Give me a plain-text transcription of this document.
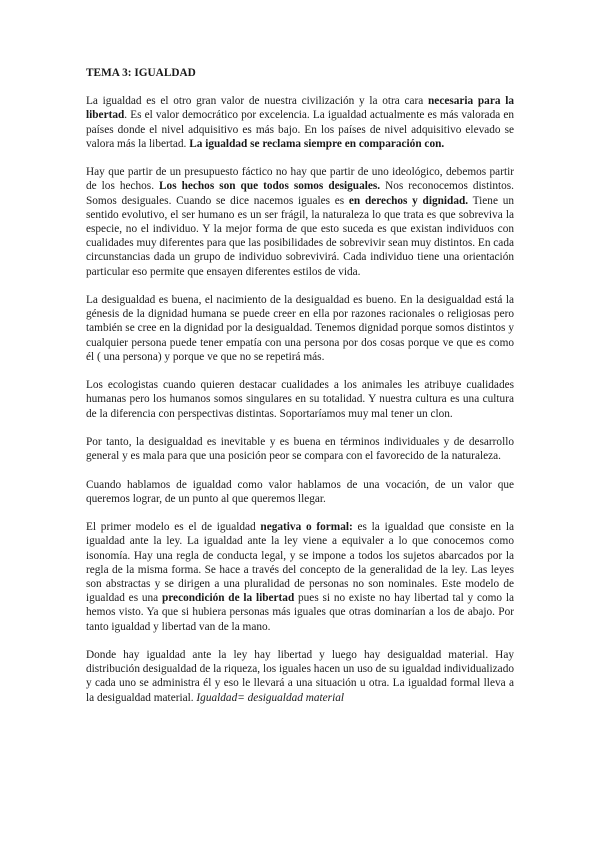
TEMA 3: IGUALDAD

La igualdad es el otro gran valor de nuestra civilización y la otra cara necesaria para la libertad. Es el valor democrático por excelencia. La igualdad actualmente es más valorada en países donde el nivel adquisitivo es más bajo. En los países de nivel adquisitivo elevado se valora más la libertad. La igualdad se reclama siempre en comparación con.

Hay que partir de un presupuesto fáctico no hay que partir de uno ideológico, debemos partir de los hechos. Los hechos son que todos somos desiguales. Nos reconocemos distintos. Somos desiguales. Cuando se dice nacemos iguales es en derechos y dignidad. Tiene un sentido evolutivo, el ser humano es un ser frágil, la naturaleza lo que trata es que sobreviva la especie, no el individuo. Y la mejor forma de que esto suceda es que existan individuos con cualidades muy diferentes para que las posibilidades de sobrevivir sean muy distintos. En cada circunstancias dada un grupo de individuo sobrevivirá. Cada individuo tiene una orientación particular eso permite que ensayen diferentes estilos de vida.

La desigualdad es buena, el nacimiento de la desigualdad es bueno. En la desigualdad está la génesis de la dignidad humana se puede creer en ella por razones racionales o religiosas pero también se cree en la dignidad por la desigualdad. Tenemos dignidad porque somos distintos y cualquier persona puede tener empatía con una persona por dos cosas porque ve que es como él ( una persona) y porque ve que no se repetirá más.

Los ecologistas cuando quieren destacar cualidades a los animales les atribuye cualidades humanas pero los humanos somos singulares en su totalidad. Y nuestra cultura es una cultura de la diferencia con perspectivas distintas. Soportaríamos muy mal tener un clon.

Por tanto, la desigualdad es inevitable y es buena en términos individuales y de desarrollo general y es mala para que una posición peor se compara con el favorecido de la naturaleza.

Cuando hablamos de igualdad como valor hablamos de una vocación, de un valor que queremos lograr, de un punto al que queremos llegar.

El primer modelo es el de igualdad negativa o formal: es la igualdad que consiste en la igualdad ante la ley. La igualdad ante la ley viene a equivaler a lo que conocemos como isonomía. Hay una regla de conducta legal, y se impone a todos los sujetos abarcados por la regla de la misma forma. Se hace a través del concepto de la generalidad de la ley. Las leyes son abstractas y se dirigen a una pluralidad de personas no son nominales. Este modelo de igualdad es una precondición de la libertad pues si no existe no hay libertad tal y como la hemos visto. Ya que si hubiera personas más iguales que otras dominarían a los de abajo. Por tanto igualdad y libertad van de la mano.

Donde hay igualdad ante la ley hay libertad y luego hay desigualdad material. Hay distribución desigualdad de la riqueza, los iguales hacen un uso de su igualdad individualizado y cada uno se administra él y eso le llevará a una situación u otra. La igualdad formal lleva a la desigualdad material. Igualdad= desigualdad material
